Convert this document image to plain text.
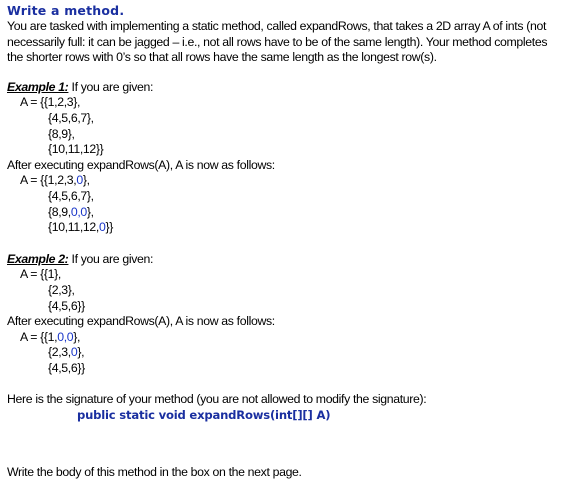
Write a method.

You are tasked with implementing a static method, called expandRows, that takes a 2D array A of ints (not necessarily full: it can be jagged – i.e., not all rows have to be of the same length). Your method completes the shorter rows with 0’s so that all rows have the same length as the longest row(s).

Example 1: If you are given:
A = {{1,2,3},
{4,5,6,7},
{8,9},
{10,11,12}}
After executing expandRows(A), A is now as follows:
A = {{1,2,3,0},
{4,5,6,7},
{8,9,0,0},
{10,11,12,0}}
Example 2: If you are given:
A = {{1},
{2,3},
{4,5,6}}
After executing expandRows(A), A is now as follows:
A = {{1,0,0},
{2,3,0},
{4,5,6}}
Here is the signature of your method (you are not allowed to modify the signature):
public static void expandRows(int[][] A)
Write the body of this method in the box on the next page.
